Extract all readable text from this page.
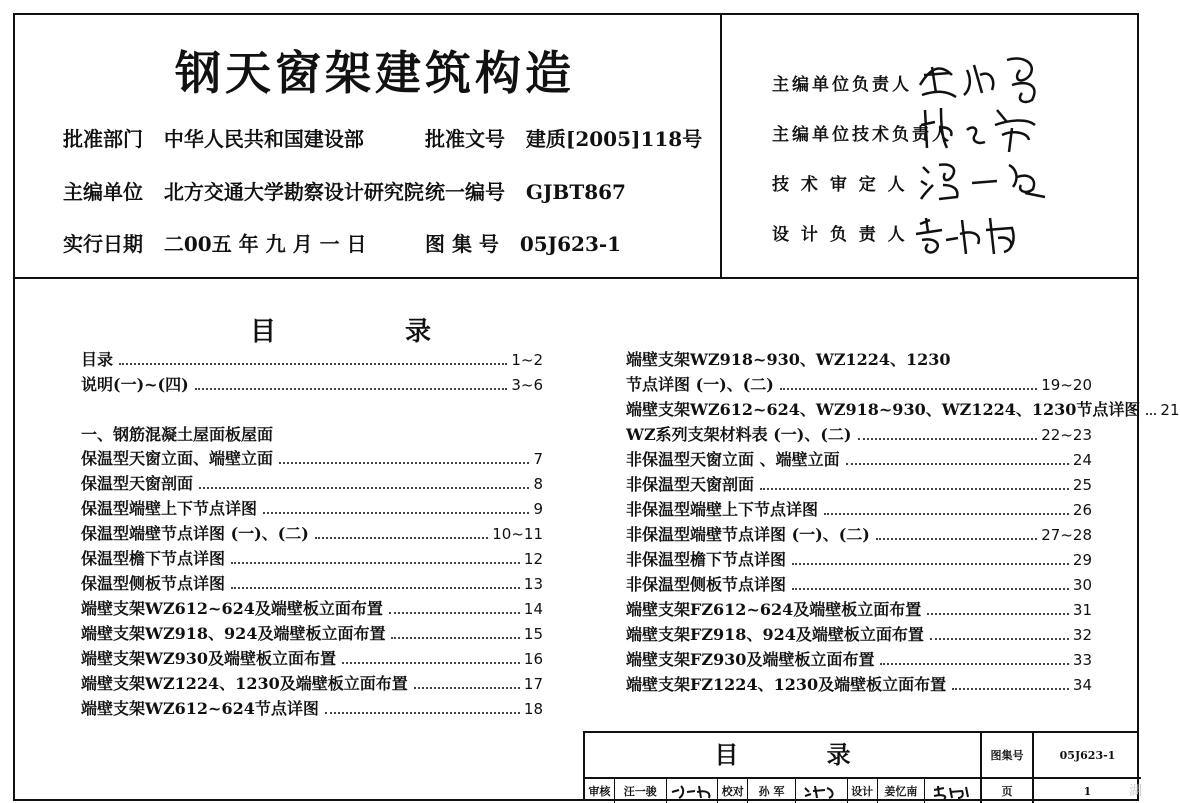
钢天窗架建筑构造
批准部门 中华人民共和国建设部	批准文号 建质[2005]118号
主编单位 北方交通大学勘察设计研究院 统一编号 GJBT867
实行日期 二00五 年 九 月 一 日	图 集 号 05J623-1
主编单位负责人
主编单位技术负责人
技 术 审 定 人
设 计 负 责 人
目 录
目录	1~2
说明(一)~(四)	3~6
一、钢筋混凝土屋面板屋面
保温型天窗立面、端壁立面	7
保温型天窗剖面	8
保温型端壁上下节点详图	9
保温型端壁节点详图 (一)、(二)	10~11
保温型檐下节点详图	12
保温型侧板节点详图	13
端壁支架WZ612~624及端壁板立面布置	14
端壁支架WZ918、924及端壁板立面布置	15
端壁支架WZ930及端壁板立面布置	16
端壁支架WZ1224、1230及端壁板立面布置	17
端壁支架WZ612~624节点详图	18
端壁支架WZ918~930、WZ1224、1230
节点详图 (一)、(二)	19~20
端壁支架WZ612~624、WZ918~930、WZ1224、1230节点详图 21
WZ系列支架材料表 (一)、(二)	22~23
非保温型天窗立面 、端壁立面	24
非保温型天窗剖面	25
非保温型端壁上下节点详图	26
非保温型端壁节点详图 (一)、(二)	27~28
非保温型檐下节点详图	29
非保温型侧板节点详图	30
端壁支架FZ612~624及端壁板立面布置	31
端壁支架FZ918、924及端壁板立面布置	32
端壁支架FZ930及端壁板立面布置	33
端壁支架FZ1224、1230及端壁板立面布置	34
目 录	图集号	05J623-1
审核	汪一骏	校对	孙 军	设计	姜忆南	页	1	湖
